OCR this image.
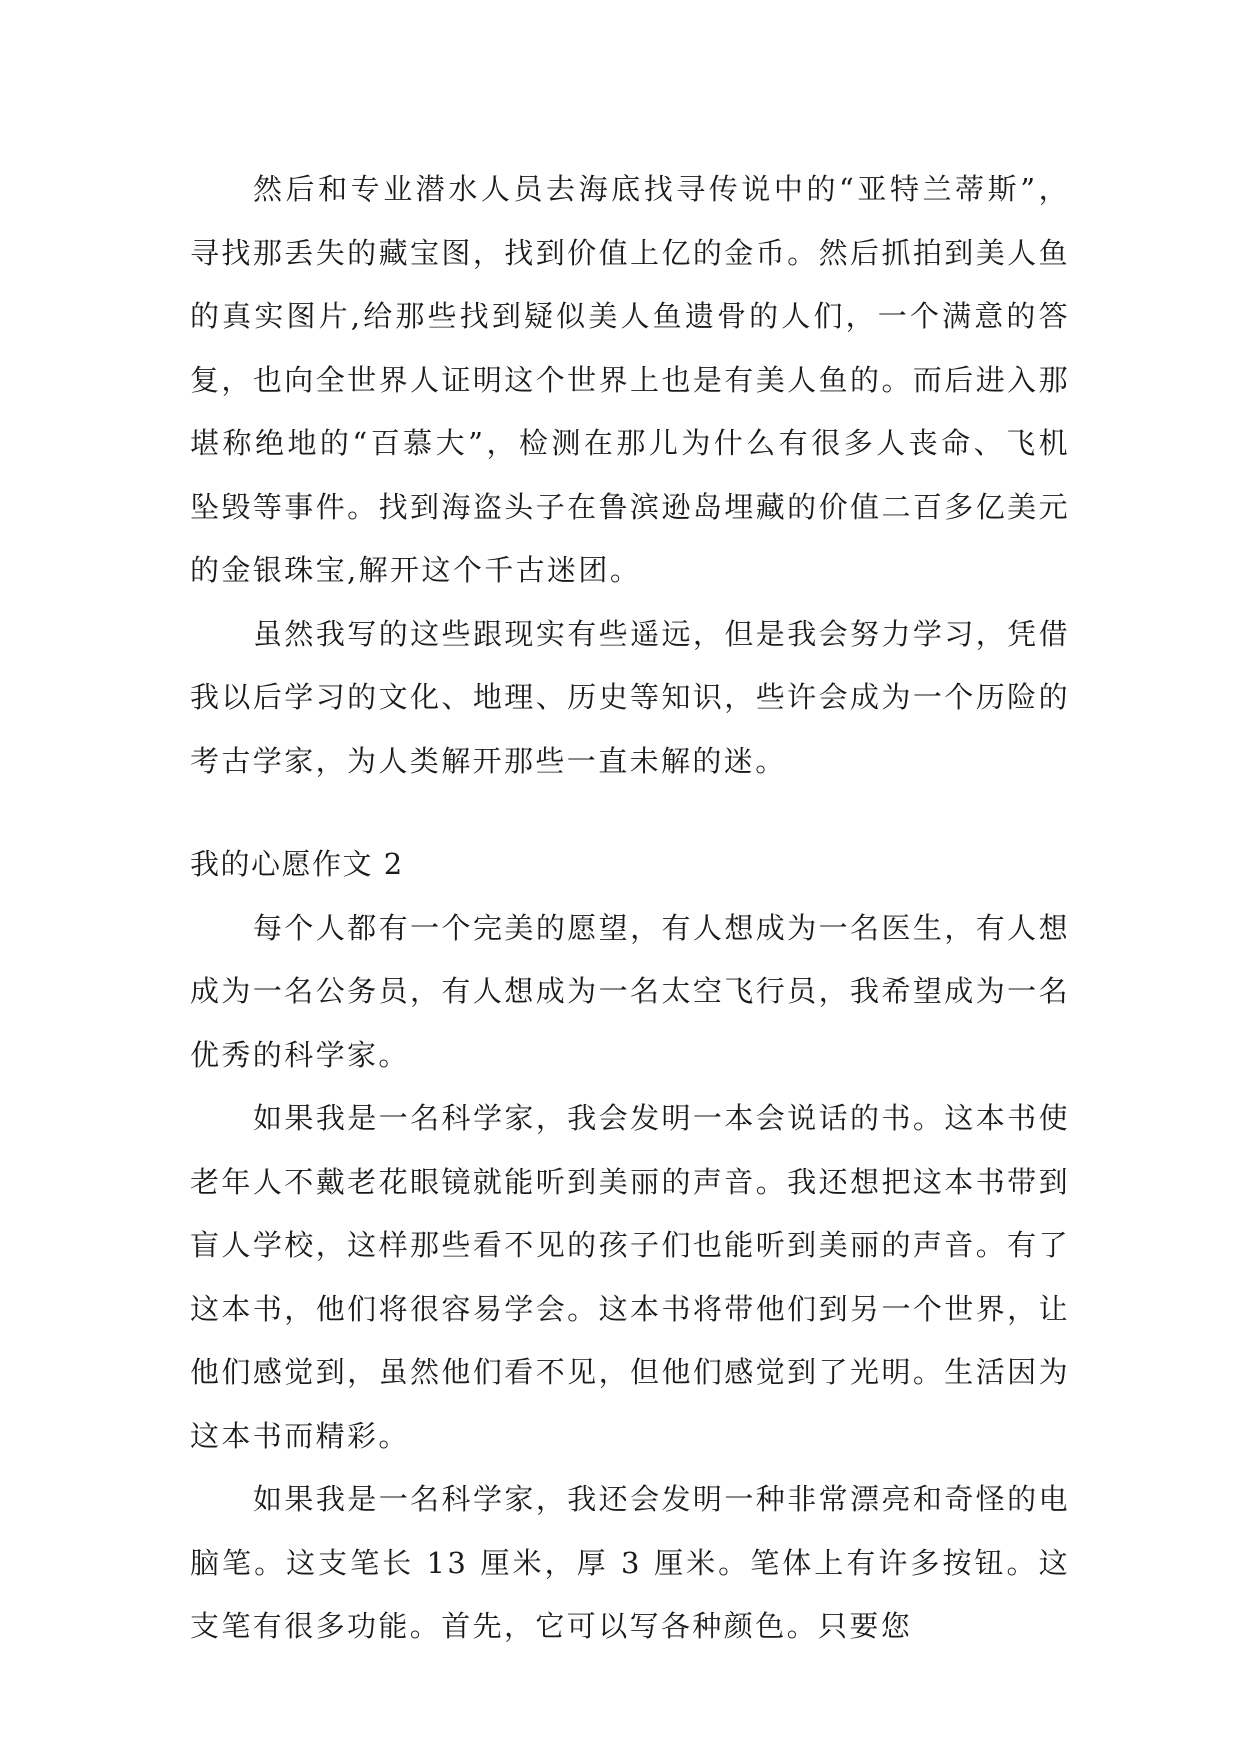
然后和专业潜水人员去海底找寻传说中的“亚特兰蒂斯”，寻找那丢失的藏宝图，找到价值上亿的金币。然后抓拍到美人鱼的真实图片,给那些找到疑似美人鱼遗骨的人们，一个满意的答复，也向全世界人证明这个世界上也是有美人鱼的。而后进入那堪称绝地的“百慕大”，检测在那儿为什么有很多人丧命、飞机坠毁等事件。找到海盗头子在鲁滨逊岛埋藏的价值二百多亿美元的金银珠宝,解开这个千古迷团。

虽然我写的这些跟现实有些遥远，但是我会努力学习，凭借我以后学习的文化、地理、历史等知识，些许会成为一个历险的考古学家，为人类解开那些一直未解的迷。

我的心愿作文 2

每个人都有一个完美的愿望，有人想成为一名医生，有人想成为一名公务员，有人想成为一名太空飞行员，我希望成为一名优秀的科学家。

如果我是一名科学家，我会发明一本会说话的书。这本书使老年人不戴老花眼镜就能听到美丽的声音。我还想把这本书带到盲人学校，这样那些看不见的孩子们也能听到美丽的声音。有了这本书，他们将很容易学会。这本书将带他们到另一个世界，让他们感觉到，虽然他们看不见，但他们感觉到了光明。生活因为这本书而精彩。

如果我是一名科学家，我还会发明一种非常漂亮和奇怪的电脑笔。这支笔长 13 厘米，厚 3 厘米。笔体上有许多按钮。这支笔有很多功能。首先，它可以写各种颜色。只要您
